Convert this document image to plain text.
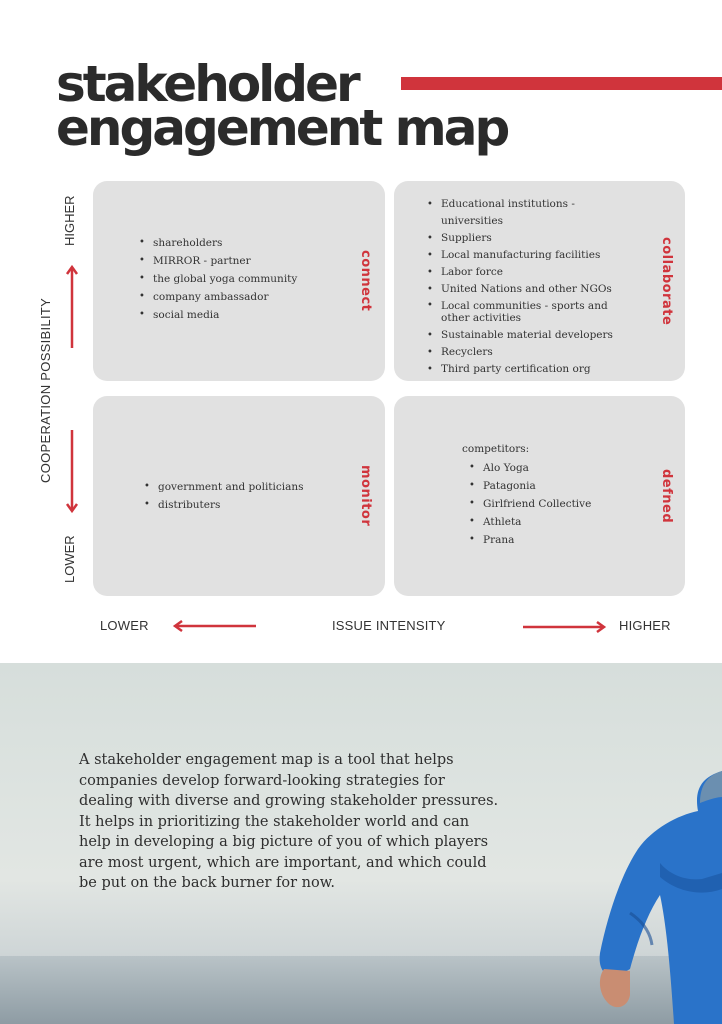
stakeholder
engagement map
HIGHER
COOPERATION POSSIBILITY
LOWER
• shareholders
• MIRROR - partner
• the global yoga community
• company ambassador
• social media
connect
• Educational institutions - universities
• Suppliers
• Local manufacturing facilities
• Labor force
• United Nations and other NGOs
• Local communities - sports and other activities
• Sustainable material developers
• Recyclers
• Third party certification org
collaborate
• government and politicians
• distributers	monitor
competitors:
• Alo Yoga
• Patagonia
• Girlfriend Collective
• Athleta
• Prana
defned
LOWER	ISSUE INTENSITY	HIGHER
A stakeholder engagement map is a tool that helps companies develop forward-looking strategies for dealing with diverse and growing stakeholder pressures. It helps in prioritizing the stakeholder world and can help in developing a big picture of you of which players are most urgent, which are important, and which could be put on the back burner for now.
